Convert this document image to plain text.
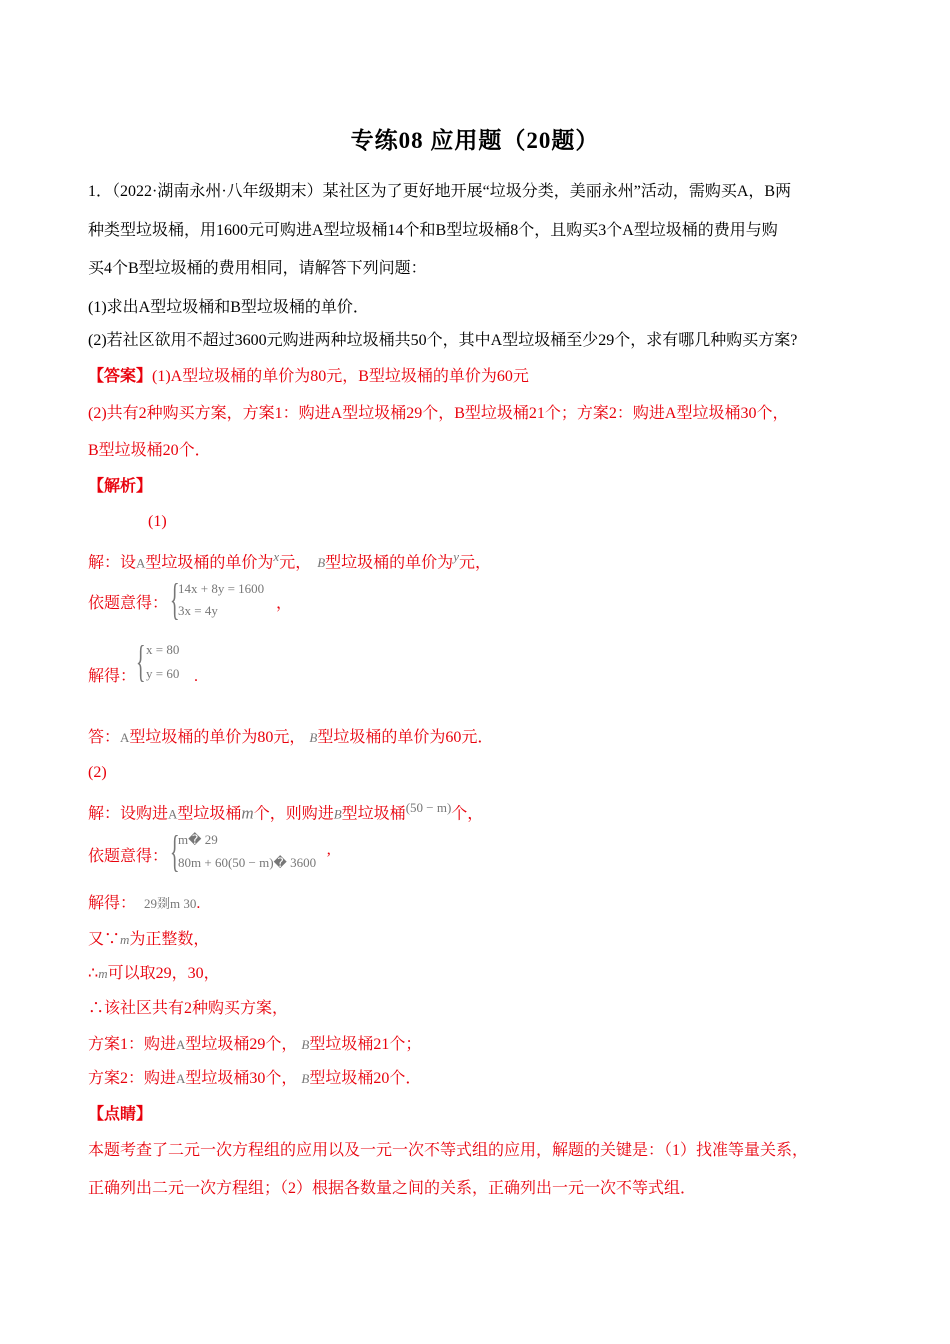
专练08 应用题（20题）
1．（2022·湖南永州·八年级期末）某社区为了更好地开展“垃圾分类，美丽永州”活动，需购买A，B两
种类型垃圾桶，用1600元可购进A型垃圾桶14个和B型垃圾桶8个，且购买3个A型垃圾桶的费用与购
买4个B型垃圾桶的费用相同，请解答下列问题：
(1)求出A型垃圾桶和B型垃圾桶的单价．
(2)若社区欲用不超过3600元购进两种垃圾桶共50个，其中A型垃圾桶至少29个，求有哪几种购买方案?
【答案】(1)A型垃圾桶的单价为80元，B型垃圾桶的单价为60元
(2)共有2种购买方案，方案1：购进A型垃圾桶29个，B型垃圾桶21个；方案2：购进A型垃圾桶30个，
B型垃圾桶20个．
【解析】
(1)
解：设A型垃圾桶的单价为$^x$元， B型垃圾桶的单价为$^y$元，
依题意得： {
14x + 8y = 1600
3x = 4y	，
解得： { x = 80
y = 60 .
答：A型垃圾桶的单价为80元， B型垃圾桶的单价为60元．
(2)
解：设购进A型垃圾桶m个，则购进B型垃圾桶$^{(50 - m)}$个，
依题意得： {
m� 29
80m + 60(50 − m)� 3600 ’
解得： 29剟m 30.
又∵m为正整数，
∴m可以取29，30，
∴该社区共有2种购买方案，
方案1：购进A型垃圾桶29个， B型垃圾桶21个；
方案2：购进A型垃圾桶30个， B型垃圾桶20个．
【点睛】
本题考查了二元一次方程组的应用以及一元一次不等式组的应用，解题的关键是：（1）找准等量关系，
正确列出二元一次方程组；（2）根据各数量之间的关系，正确列出一元一次不等式组．
